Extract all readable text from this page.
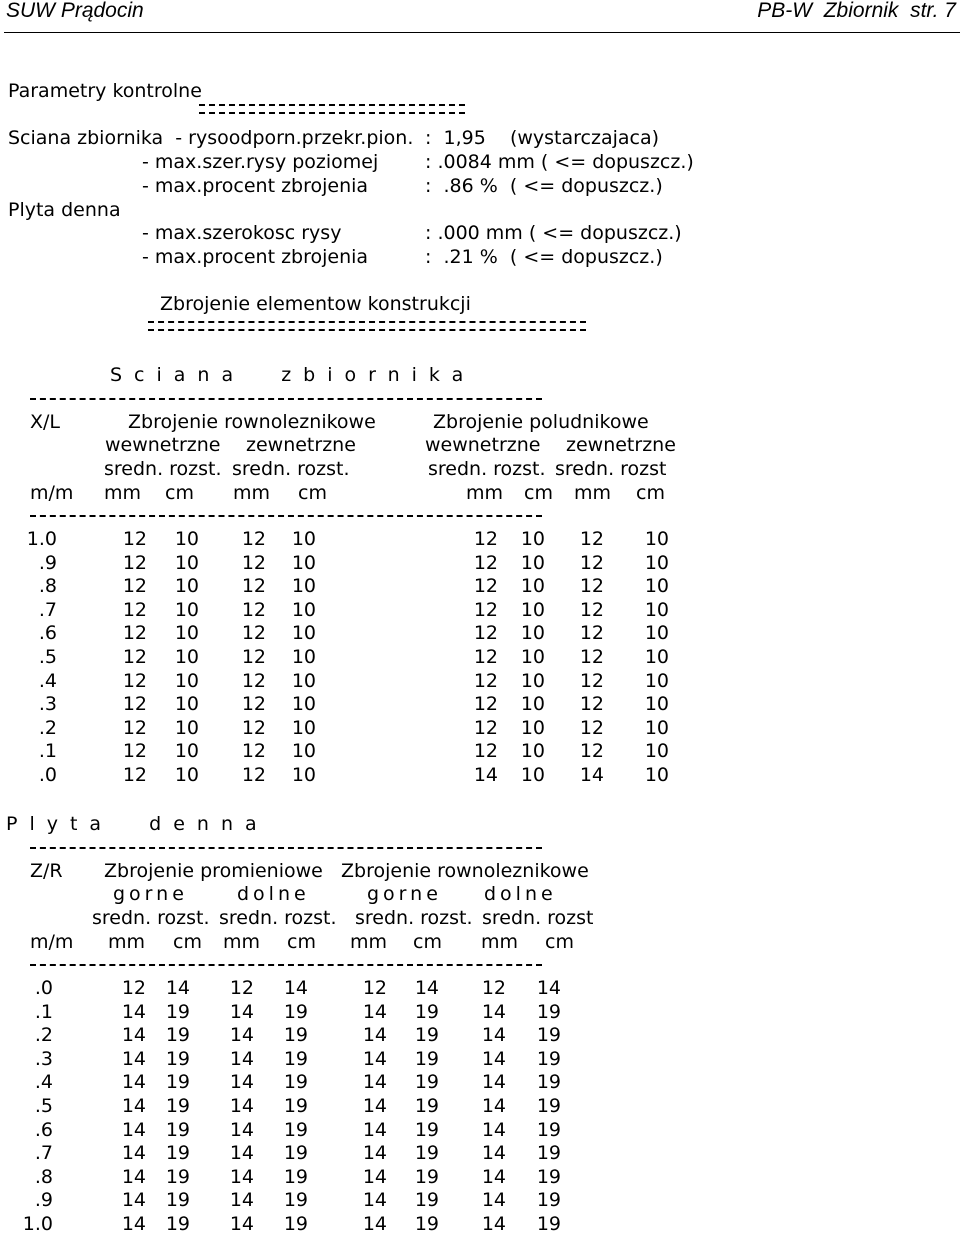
SUW Prądocin	PB-W  Zbiornik  str. 7
Parametry kontrolne
Sciana zbiornika  - rysoodporn.przekr.pion. :  1,95    (wystarczajaca)
- max.szer.rysy poziomej : .0084 mm ( <= dopuszcz.)
- max.procent zbrojenia	:  .86 %  ( <= dopuszcz.)
Plyta denna
- max.szerokosc rysy	: .000 mm ( <= dopuszcz.)
- max.procent zbrojenia	:  .21 %  ( <= dopuszcz.)
Zbrojenie elementow konstrukcji
Sciana  zbiornika
X/L	Zbrojenie rownoleznikowe	Zbrojenie poludnikowe
wewnetrzne zewnetrzne	wewnetrzne zewnetrzne
sredn. rozst. sredn. rozst.	sredn. rozst. sredn. rozst
m/m mm cm mm cm	mm cm mm cm
1.0	12 10 12 10	12 10 12 10
.9	12 10 12 10	12 10 12 10
.8	12 10 12 10	12 10 12 10
.7	12 10 12 10	12 10 12 10
.6	12 10 12 10	12 10 12 10
.5	12 10 12 10	12 10 12 10
.4	12 10 12 10	12 10 12 10
.3	12 10 12 10	12 10 12 10
.2	12 10 12 10	12 10 12 10
.1	12 10 12 10	12 10 12 10
.0	12 10 12 10	14 10 14 10
Plyta  denna
Z/R Zbrojenie promieniowe Zbrojenie rownoleznikowe
gorne	dolne	gorne dolne
sredn. rozst. sredn. rozst. sredn. rozst. sredn. rozst
m/m mm cm mm cm mm cm mm cm
.0	12 14 12 14	12 14 12 14
.1	14 19 14 19	14 19 14 19
.2	14 19 14 19	14 19 14 19
.3	14 19 14 19	14 19 14 19
.4	14 19 14 19	14 19 14 19
.5	14 19 14 19	14 19 14 19
.6	14 19 14 19	14 19 14 19
.7	14 19 14 19	14 19 14 19
.8	14 19 14 19	14 19 14 19
.9	14 19 14 19	14 19 14 19
1.0	14 19 14 19	14 19 14 19
